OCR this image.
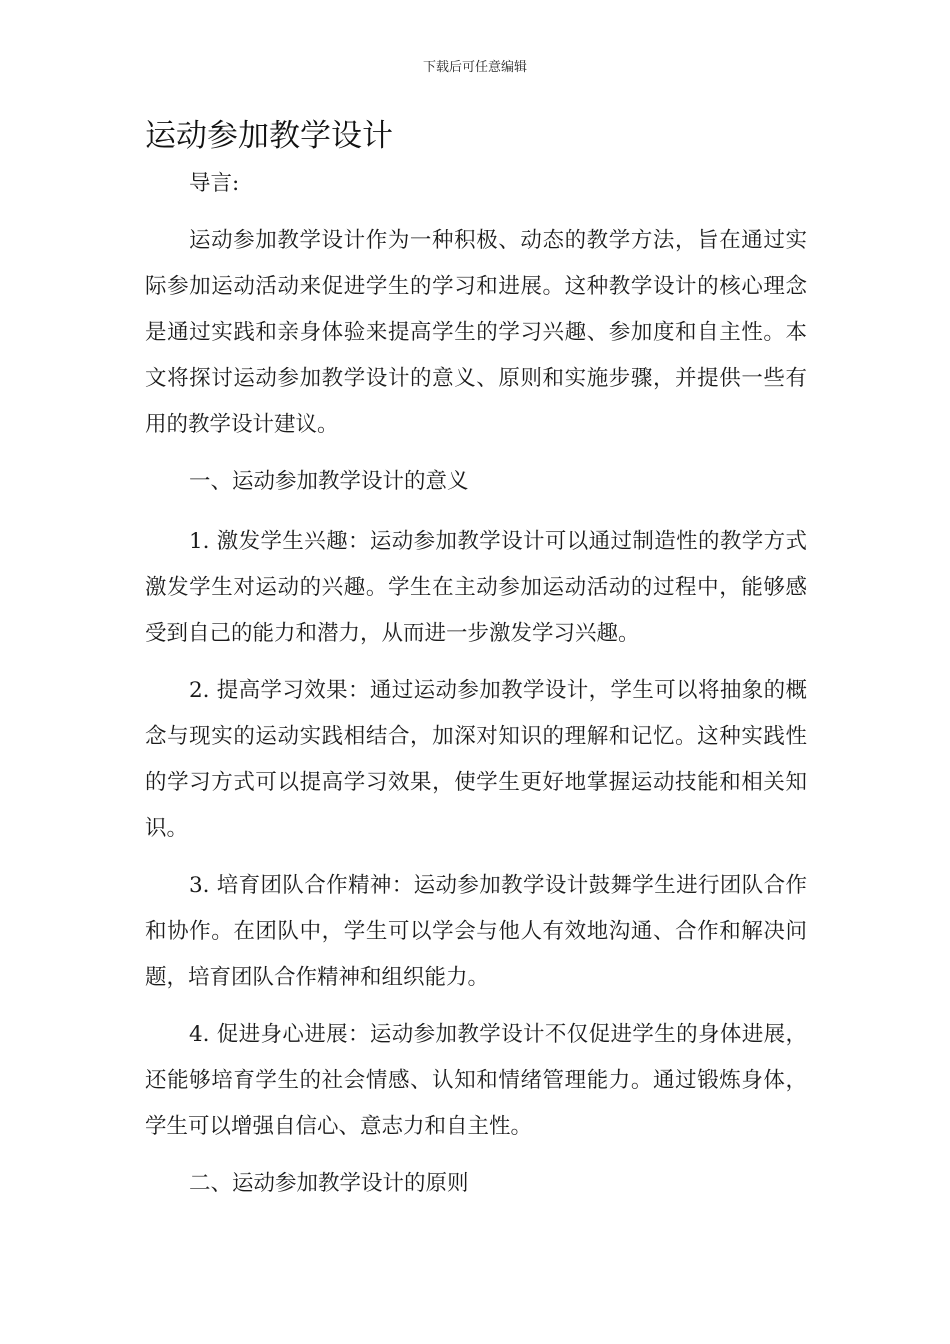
下载后可任意编辑
运动参加教学设计

导言:

运动参加教学设计作为一种积极、动态的教学方法，旨在通过实际参加运动活动来促进学生的学习和进展。这种教学设计的核心理念是通过实践和亲身体验来提高学生的学习兴趣、参加度和自主性。本文将探讨运动参加教学设计的意义、原则和实施步骤，并提供一些有用的教学设计建议。

一、运动参加教学设计的意义

1. 激发学生兴趣：运动参加教学设计可以通过制造性的教学方式激发学生对运动的兴趣。学生在主动参加运动活动的过程中，能够感受到自己的能力和潜力，从而进一步激发学习兴趣。

2. 提高学习效果：通过运动参加教学设计，学生可以将抽象的概念与现实的运动实践相结合，加深对知识的理解和记忆。这种实践性的学习方式可以提高学习效果，使学生更好地掌握运动技能和相关知识。

3. 培育团队合作精神：运动参加教学设计鼓舞学生进行团队合作和协作。在团队中，学生可以学会与他人有效地沟通、合作和解决问题，培育团队合作精神和组织能力。

4. 促进身心进展：运动参加教学设计不仅促进学生的身体进展，还能够培育学生的社会情感、认知和情绪管理能力。通过锻炼身体，学生可以增强自信心、意志力和自主性。

二、运动参加教学设计的原则
